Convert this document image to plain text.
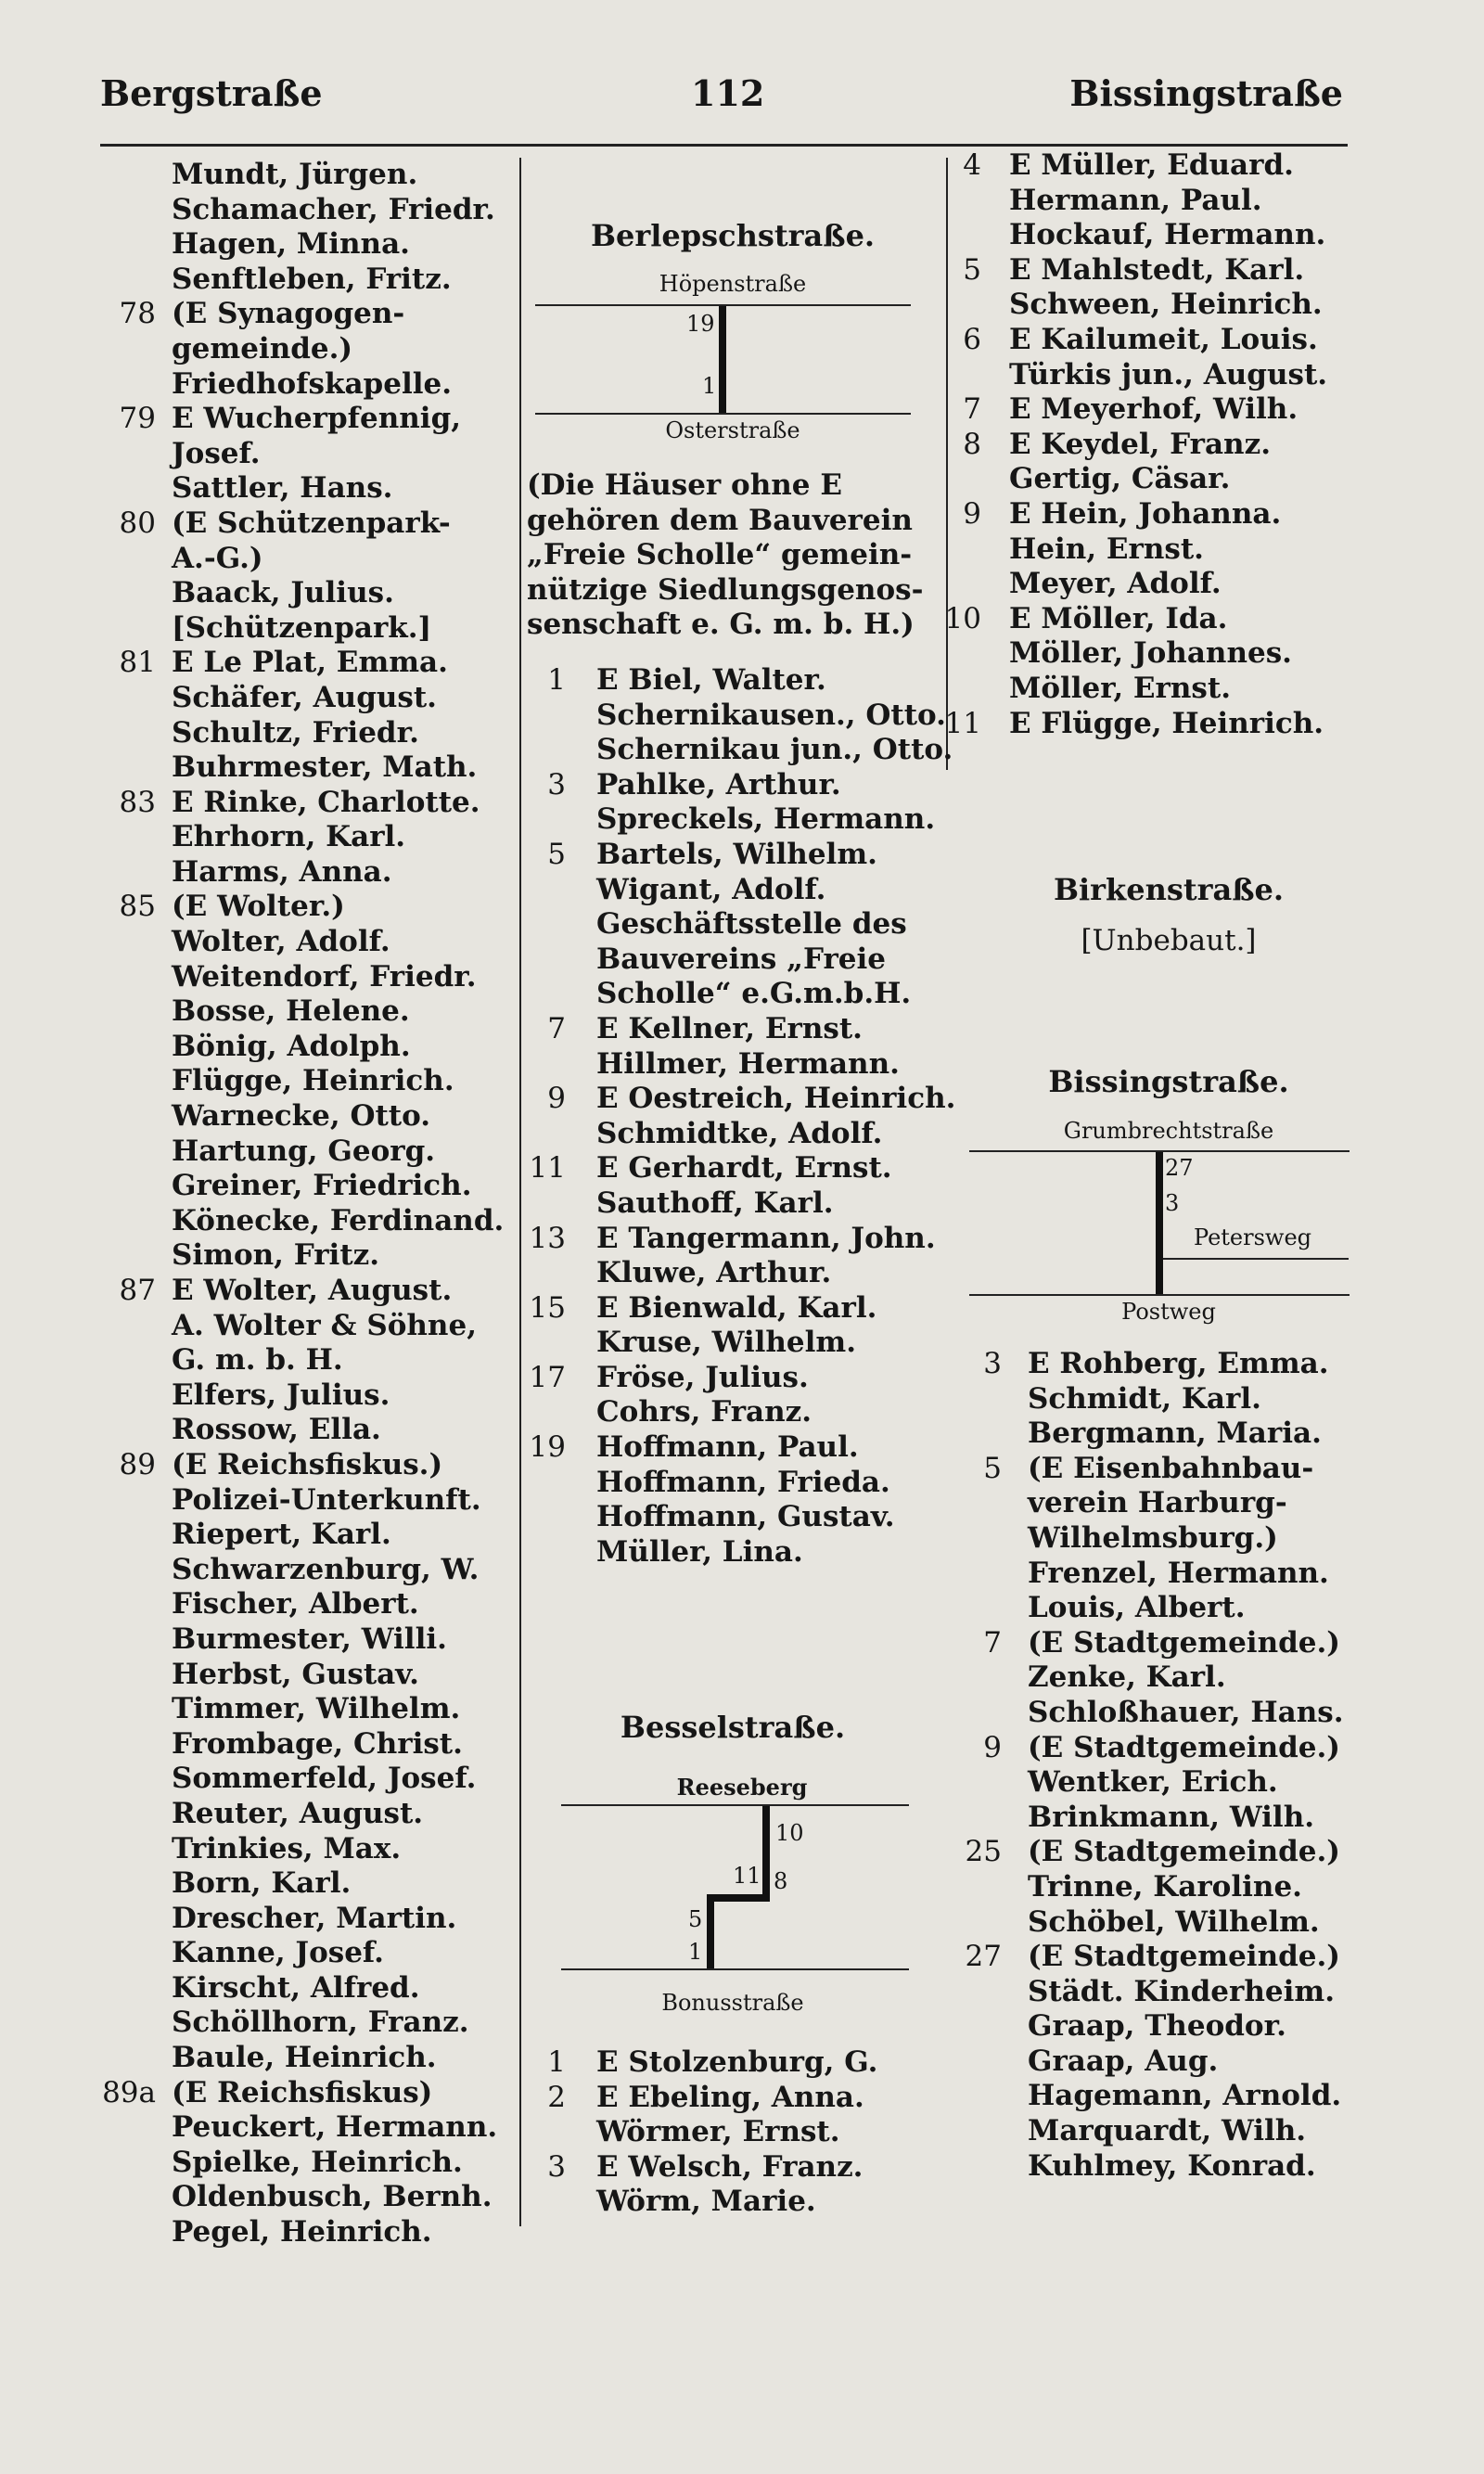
Bergstraße	112	Bissingstraße
Mundt, Jürgen.
Schamacher, Friedr.
Hagen, Minna.
Senftleben, Fritz.
78 (E Synagogen-
gemeinde.)
Friedhofskapelle.
79 E Wucherpfennig,
Josef.
Sattler, Hans.
80 (E Schützenpark-
A.-G.)
Baack, Julius.
[Schützenpark.]
81 E Le Plat, Emma.
Schäfer, August.
Schultz, Friedr.
Buhrmester, Math.
83 E Rinke, Charlotte.
Ehrhorn, Karl.
Harms, Anna.
85 (E Wolter.)
Wolter, Adolf.
Weitendorf, Friedr.
Bosse, Helene.
Bönig, Adolph.
Flügge, Heinrich.
Warnecke, Otto.
Hartung, Georg.
Greiner, Friedrich.
Könecke, Ferdinand.
Simon, Fritz.
87 E Wolter, August.
A. Wolter & Söhne,
G. m. b. H.
Elfers, Julius.
Rossow, Ella.
89 (E Reichsfiskus.)
Polizei-Unterkunft.
Riepert, Karl.
Schwarzenburg, W.
Fischer, Albert.
Burmester, Willi.
Herbst, Gustav.
Timmer, Wilhelm.
Frombage, Christ.
Sommerfeld, Josef.
Reuter, August.
Trinkies, Max.
Born, Karl.
Drescher, Martin.
Kanne, Josef.
Kirscht, Alfred.
Schöllhorn, Franz.
Baule, Heinrich.
89a (E Reichsfiskus)
Peuckert, Hermann.
Spielke, Heinrich.
Oldenbusch, Bernh.
Pegel, Heinrich.
Berlepschstraße.
Höpenstraße
19
1
Osterstraße
(Die Häuser ohne E
gehören dem Bauverein
„Freie Scholle“ gemein-
nützige Siedlungsgenos-
senschaft e. G. m. b. H.)
1 E Biel, Walter.
Schernikausen., Otto.
Schernikau jun., Otto.
3 Pahlke, Arthur.
Spreckels, Hermann.
5 Bartels, Wilhelm.
Wigant, Adolf.
Geschäftsstelle des
Bauvereins „Freie
Scholle“ e.G.m.b.H.
7 E Kellner, Ernst.
Hillmer, Hermann.
9 E Oestreich, Heinrich.
Schmidtke, Adolf.
11 E Gerhardt, Ernst.
Sauthoff, Karl.
13 E Tangermann, John.
Kluwe, Arthur.
15 E Bienwald, Karl.
Kruse, Wilhelm.
17 Fröse, Julius.
Cohrs, Franz.
19 Hoffmann, Paul.
Hoffmann, Frieda.
Hoffmann, Gustav.
Müller, Lina.
Besselstraße.
Reeseberg
10
11 8
5
1
Bonusstraße
1 E Stolzenburg, G.
2 E Ebeling, Anna.
Wörmer, Ernst.
3 E Welsch, Franz.
Wörm, Marie.
4 E Müller, Eduard.
Hermann, Paul.
Hockauf, Hermann.
5 E Mahlstedt, Karl.
Schween, Heinrich.
6 E Kailumeit, Louis.
Türkis jun., August.
7 E Meyerhof, Wilh.
8 E Keydel, Franz.
Gertig, Cäsar.
9 E Hein, Johanna.
Hein, Ernst.
Meyer, Adolf.
10 E Möller, Ida.
Möller, Johannes.
Möller, Ernst.
11 E Flügge, Heinrich.
Birkenstraße.
[Unbebaut.]
Bissingstraße.
Grumbrechtstraße
27
3
Petersweg
Postweg
3 E Rohberg, Emma.
Schmidt, Karl.
Bergmann, Maria.
5 (E Eisenbahnbau-
verein Harburg-
Wilhelmsburg.)
Frenzel, Hermann.
Louis, Albert.
7 (E Stadtgemeinde.)
Zenke, Karl.
Schloßhauer, Hans.
9 (E Stadtgemeinde.)
Wentker, Erich.
Brinkmann, Wilh.
25 (E Stadtgemeinde.)
Trinne, Karoline.
Schöbel, Wilhelm.
27 (E Stadtgemeinde.)
Städt. Kinderheim.
Graap, Theodor.
Graap, Aug.
Hagemann, Arnold.
Marquardt, Wilh.
Kuhlmey, Konrad.
